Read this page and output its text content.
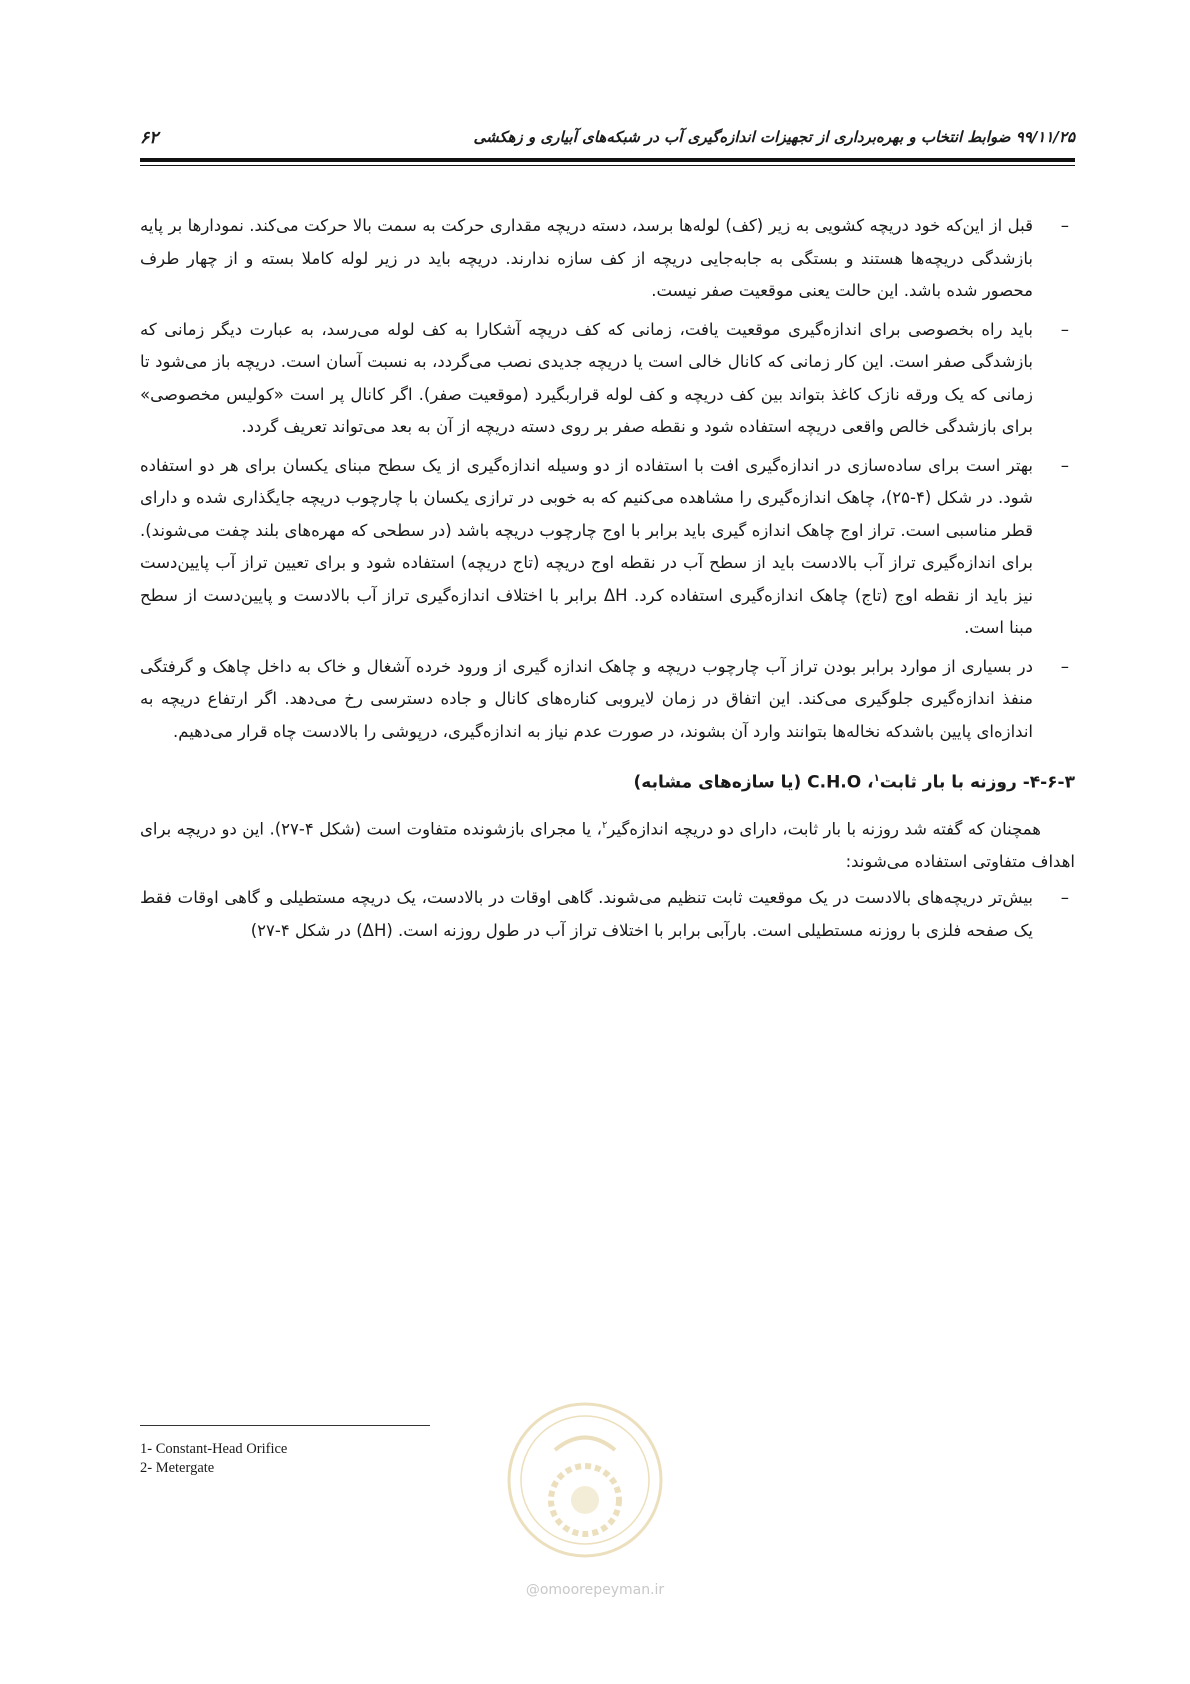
۹۹/۱۱/۲۵ ضوابط انتخاب و بهره‌برداری از تجهیزات اندازه‌گیری آب در شبکه‌های آبیاری و زهکشی
۶۲
–
قبل از این‌که خود دریچه کشویی به زیر (کف) لوله‌ها برسد، دسته دریچه مقداری حرکت به سمت بالا حرکت می‌کند. نمودارها بر پایه بازشدگی دریچه‌ها هستند و بستگی به جابه‌جایی دریچه از کف سازه ندارند. دریچه باید در زیر لوله کاملا بسته و از چهار طرف محصور شده باشد. این حالت یعنی موقعیت صفر نیست.
–
باید راه بخصوصی برای اندازه‌گیری موقعیت یافت، زمانی که کف دریچه آشکارا به کف لوله می‌رسد، به عبارت دیگر زمانی که بازشدگی صفر است. این کار زمانی که کانال خالی است یا دریچه جدیدی نصب می‌گردد، به نسبت آسان است. دریچه باز می‌شود تا زمانی که یک ورقه نازک کاغذ بتواند بین کف دریچه و کف لوله قراربگیرد (موقعیت صفر). اگر کانال پر است «کولیس مخصوصی» برای بازشدگی خالص واقعی دریچه استفاده شود و نقطه صفر بر روی دسته دریچه از آن به بعد می‌تواند تعریف گردد.
–
بهتر است برای ساده‌سازی در اندازه‌گیری افت با استفاده از دو وسیله اندازه‌گیری از یک سطح مبنای یکسان برای هر دو استفاده شود. در شکل (۴-۲۵)، چاهک اندازه‌گیری را مشاهده می‌کنیم که به خوبی در ترازی یکسان با چارچوب دریچه جایگذاری شده و دارای قطر مناسبی است. تراز اوج چاهک اندازه گیری باید برابر با اوج چارچوب دریچه باشد (در سطحی که مهره‌های بلند چفت می‌شوند). برای اندازه‌گیری تراز آب بالادست باید از سطح آب در نقطه اوج دریچه (تاج دریچه) استفاده شود و برای تعیین تراز آب پایین‌دست نیز باید از نقطه اوج (تاج) چاهک اندازه‌گیری استفاده کرد. ΔH برابر با اختلاف اندازه‌گیری تراز آب بالادست و پایین‌دست از سطح مبنا است.
–
در بسیاری از موارد برابر بودن تراز آب چارچوب دریچه و چاهک اندازه گیری از ورود خرده آشغال و خاک به داخل چاهک و گرفتگی منفذ اندازه‌گیری جلوگیری می‌کند. این اتفاق در زمان لایروبی کناره‌های کانال و جاده دسترسی رخ می‌دهد. اگر ارتفاع دریچه به اندازه‌ای پایین باشدکه نخاله‌ها بتوانند وارد آن بشوند، در صورت عدم نیاز به اندازه‌گیری، درپوشی را بالادست چاه قرار می‌دهیم.
۴-۶-۳- روزنه با بار ثابت$^۱$، C.H.O (یا سازه‌های مشابه)

همچنان که گفته شد روزنه با بار ثابت، دارای دو دریچه اندازه‌گیر$^۲$، یا مجرای بازشونده متفاوت است (شکل ۴-۲۷). این دو دریچه برای اهداف متفاوتی استفاده می‌شوند:

–
بیش‌تر دریچه‌های بالادست در یک موقعیت ثابت تنظیم می‌شوند. گاهی اوقات در بالادست، یک دریچه مستطیلی و گاهی اوقات فقط یک صفحه فلزی با روزنه مستطیلی است. بارآبی برابر با اختلاف تراز آب در طول روزنه است. (ΔH) در شکل ۴-۲۷)
1- Constant-Head Orifice
2- Metergate
@omoorepeyman.ir
